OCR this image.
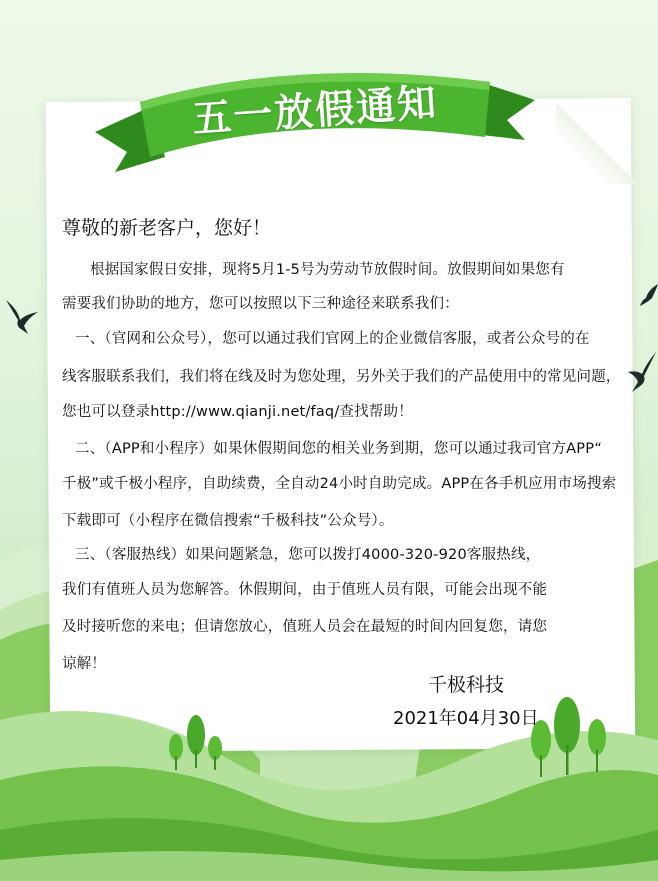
五一放假通知
尊敬的新老客户，您好！
根据国家假日安排，现将5月1-5号为劳动节放假时间。放假期间如果您有
需要我们协助的地方，您可以按照以下三种途径来联系我们：
一、（官网和公众号），您可以通过我们官网上的企业微信客服，或者公众号的在
线客服联系我们，我们将在线及时为您处理，另外关于我们的产品使用中的常见问题，
您也可以登录http://www.qianji.net/faq/查找帮助！
二、（APP和小程序）如果休假期间您的相关业务到期，您可以通过我司官方APP“
千极”或千极小程序，自助续费，全自动24小时自助完成。APP在各手机应用市场搜索
下载即可（小程序在微信搜索“千极科技”公众号）。
三、（客服热线）如果问题紧急，您可以拨打4000-320-920客服热线，
我们有值班人员为您解答。休假期间，由于值班人员有限，可能会出现不能
及时接听您的来电；但请您放心，值班人员会在最短的时间内回复您，请您
谅解！
千极科技
2021年04月30日
